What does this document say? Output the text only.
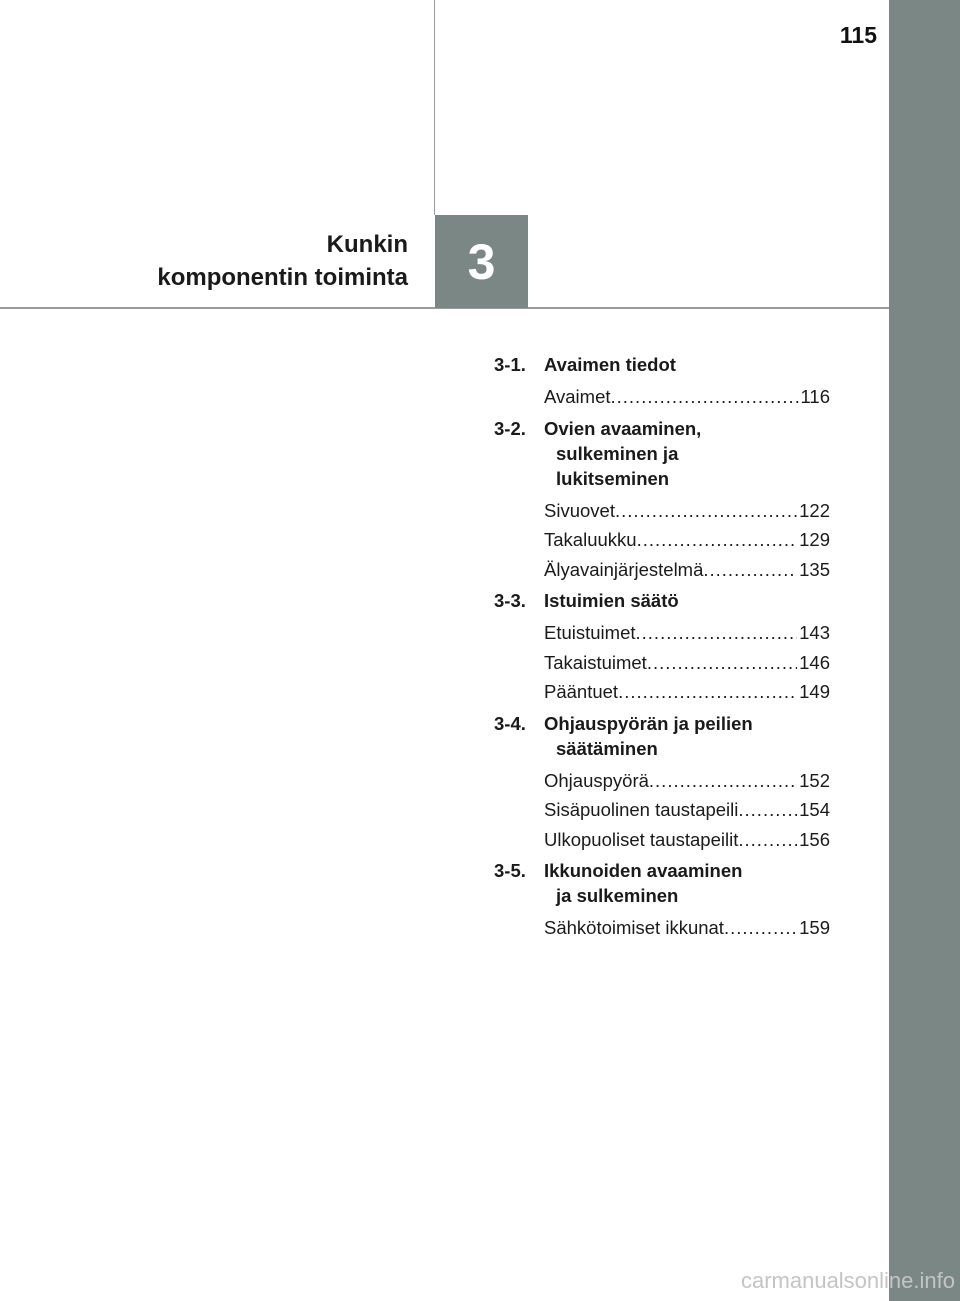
115
Kunkin
komponentin toiminta	3
3-1. Avaimen tiedot
Avaimet .....	116
3-2. Ovien avaaminen,
sulkeminen ja
lukitseminen
Sivuovet .....	122
Takaluukku .....	129
Älyavainjärjestelmä .....	135
3-3. Istuimien säätö
Etuistuimet .....	143
Takaistuimet .....	146
Pääntuet .....	149
3-4. Ohjauspyörän ja peilien
säätäminen
Ohjauspyörä .....	152
Sisäpuolinen taustapeili .....	154
Ulkopuoliset taustapeilit .....	156
3-5. Ikkunoiden avaaminen
ja sulkeminen
Sähkötoimiset ikkunat .....	159
carmanualsonline.info
